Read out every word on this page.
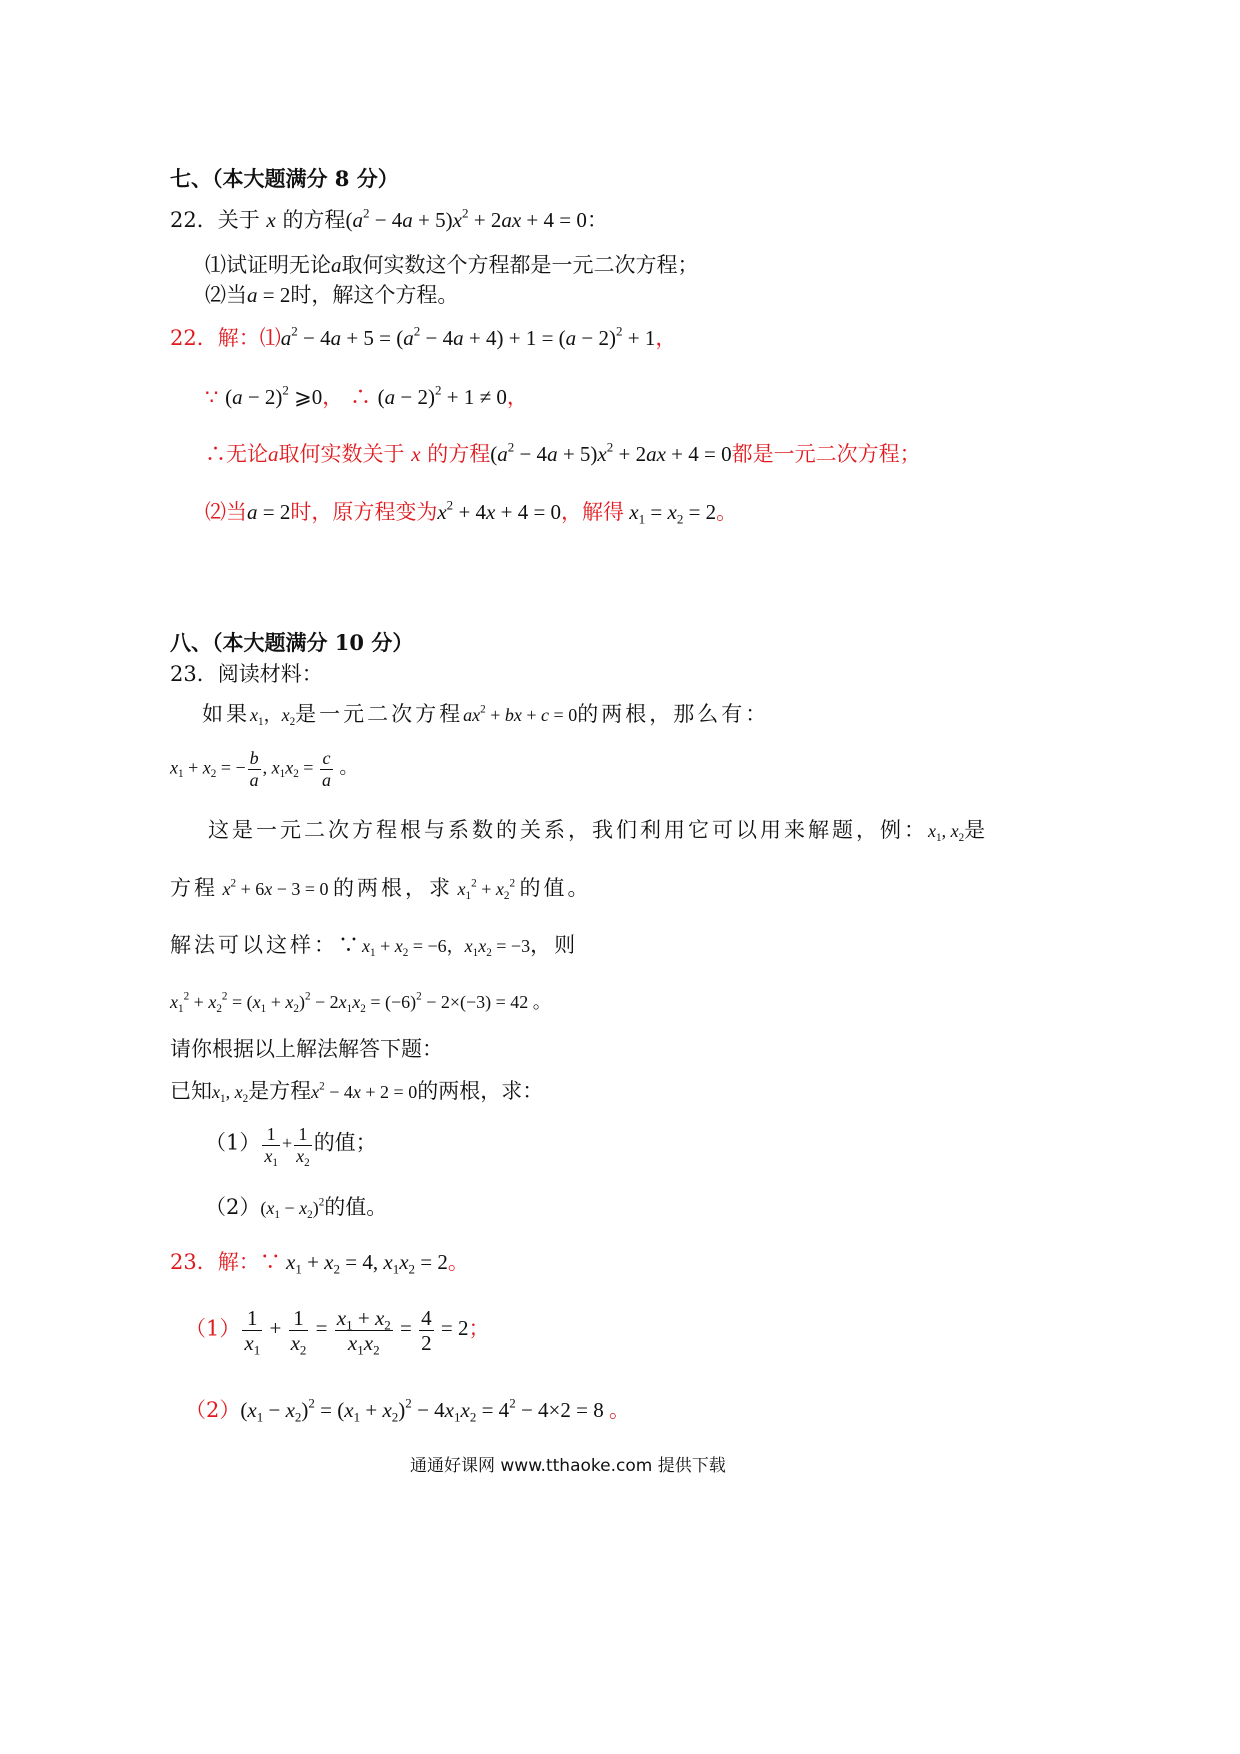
七、（本大题满分 8 分）
22．关于 x 的方程$(a^2 - 4a + 5)x^2 + 2ax + 4 = 0$：
⑴试证明无论a取何实数这个方程都是一元二次方程；
⑵当a = 2时，解这个方程。
22．解：$⑴a^2 - 4a + 5 = (a^2 - 4a + 4) + 1 = (a - 2)^2 + 1$，
∵ $(a - 2)^2$ ⩾0， ∴ $(a - 2)^2 + 1 \ne 0$，
∴无论a取何实数关于 x 的方程$(a^2 - 4a + 5)x^2 + 2ax + 4 = 0$都是一元二次方程；
⑵当a = 2时，原方程变为$x^2 + 4x + 4 = 0$，解得 $x_1 = x_2 = 2$。
八、（本大题满分 10 分）
23．阅读材料：
如果$x_1$，$x_2$是一元二次方程$ax^2$ + bx + c = 0的两根，那么有：
$x_1 + x_2$ = − $\frac{b}{a}$ , $x_1x_2 = \frac{c}{a}$ 。
这是一元二次方程根与系数的关系，我们利用它可以用来解题，例：$x_1$, $x_2$是
方程 $x^2 + 6x - 3 = 0$ 的两根，求 $x_1^2 + x_2^2$ 的值。
解法可以这样：$\because x_1 + x_2 = -6$，$x_1x_2 = -3$，则
$x_1^2 + x_2^2 = (x_1 + x_2)^2 - 2x_1x_2 = (-6)^2 - 2\times(-3) = 42$ 。
请你根据以上解法解答下题：
已知$x_1$, $x_2$是方程$x^2 - 4x + 2 = 0$的两根，求：
$(1) \frac{1}{x_1} + \frac{1}{x_2}$ 的值；
$(2)(x_1 - x_2)^2$的值。
23．解：∵ $x_1 + x_2 = 4$, $x_1x_2 = 2$。
$(1) \frac{1}{x_1} + \frac{1}{x_2} = \frac{x_1 + x_2}{x_1x_2} = \frac{4}{2} = 2$；
$(2)(x_1 - x_2)^2 = (x_1 + x_2)^2 - 4x_1x_2 = 4^2 - 4\times 2 = 8$ 。
通通好课网 www.tthaoke.com 提供下载
